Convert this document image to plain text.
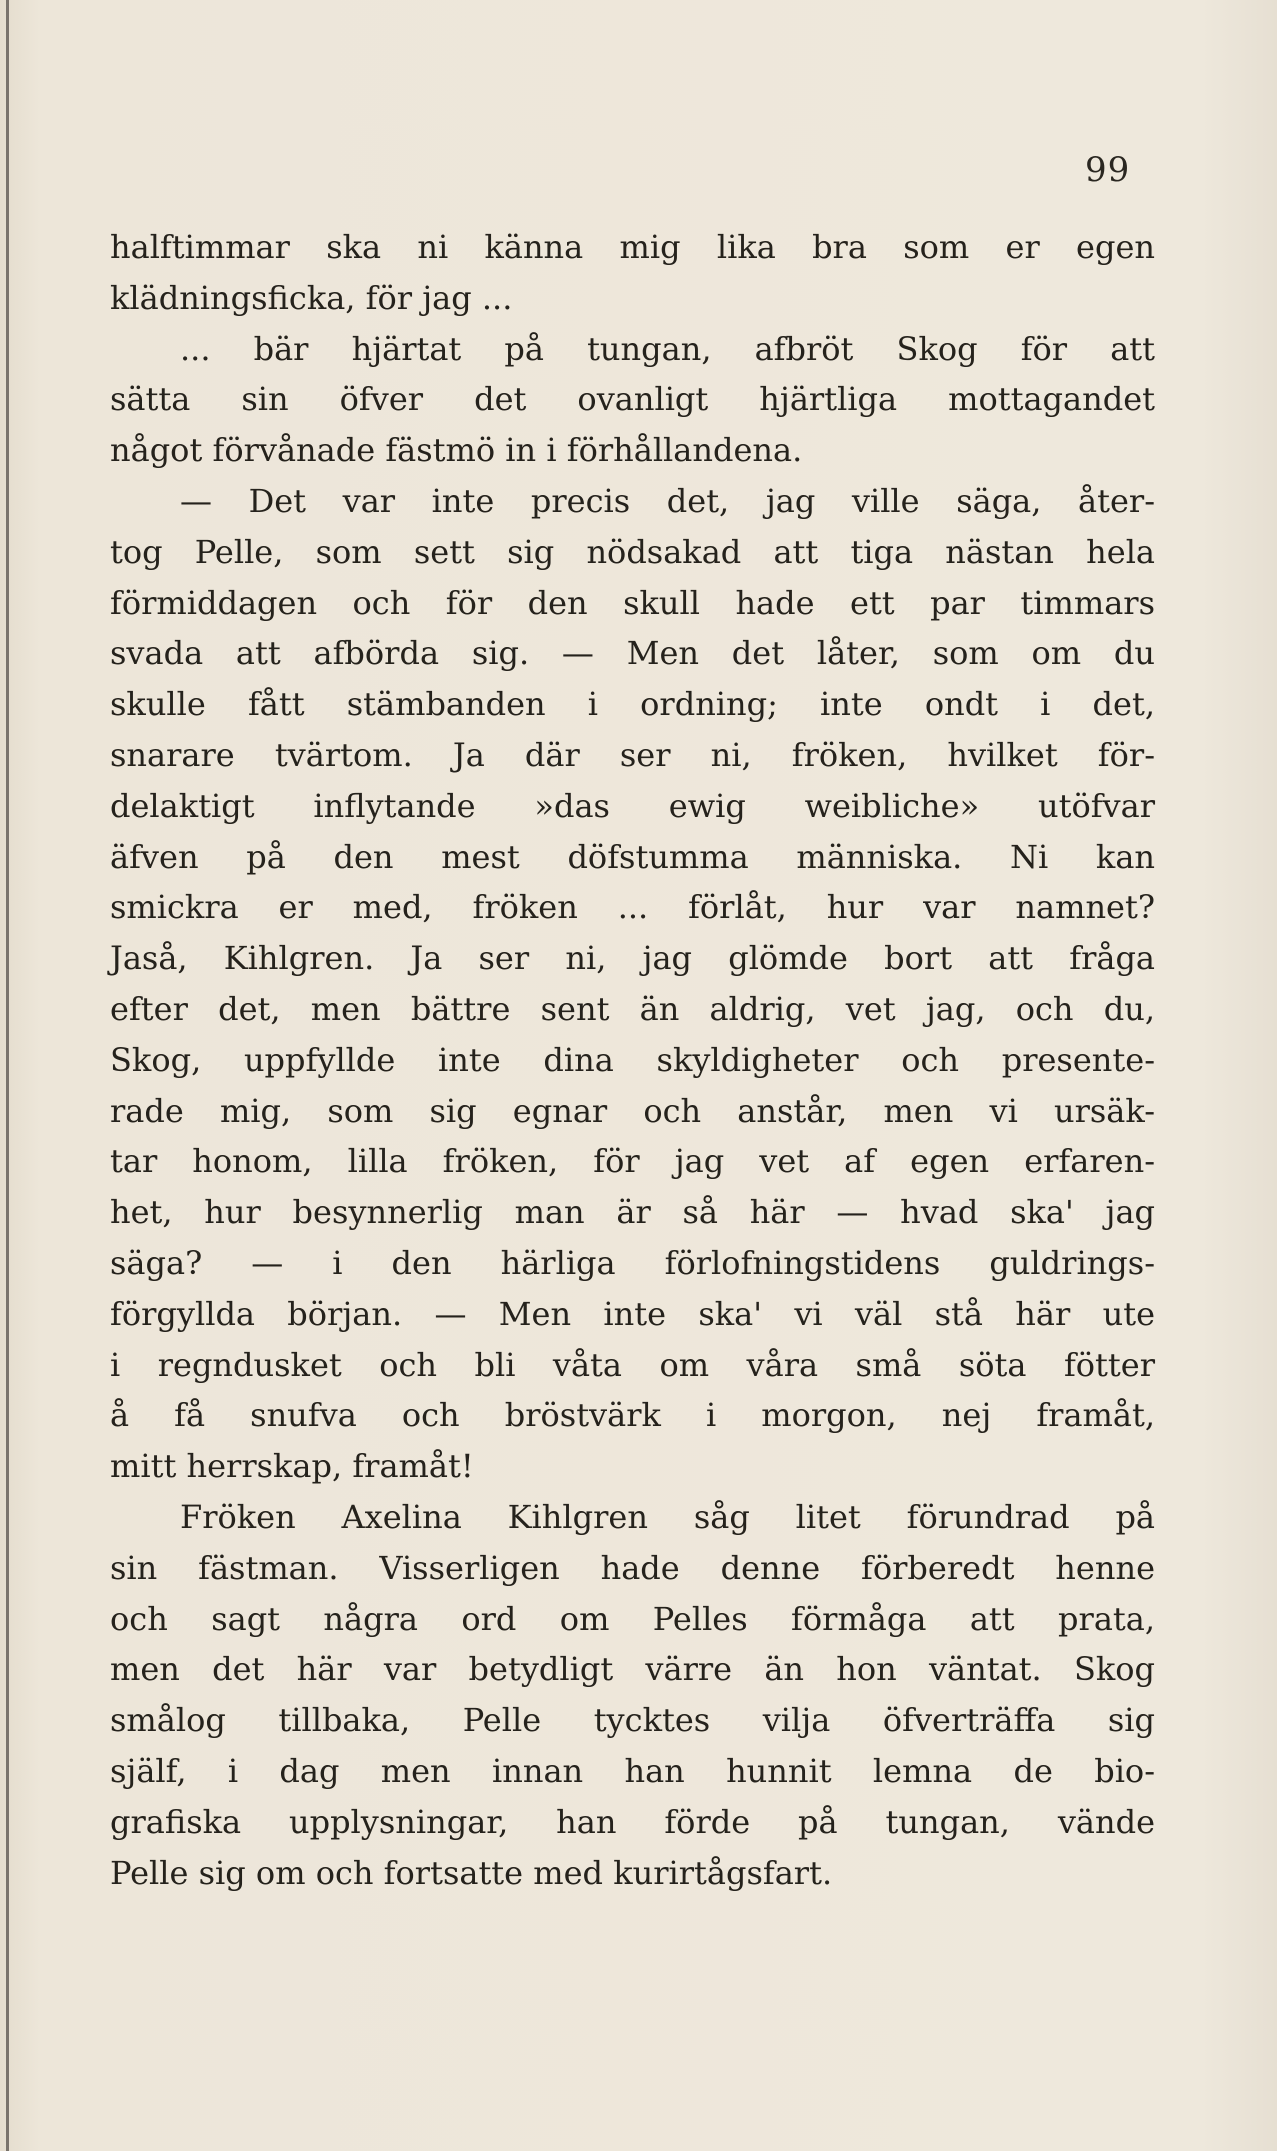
99
halftimmar ska ni känna mig lika bra som er egen
klädningsficka, för jag ...
... bär hjärtat på tungan, afbröt Skog för att
sätta sin öfver det ovanligt hjärtliga mottagandet
något förvånade fästmö in i förhållandena.
— Det var inte precis det, jag ville säga, åter-
tog Pelle, som sett sig nödsakad att tiga nästan hela
förmiddagen och för den skull hade ett par timmars
svada att afbörda sig. — Men det låter, som om du
skulle fått stämbanden i ordning; inte ondt i det,
snarare tvärtom. Ja där ser ni, fröken, hvilket för-
delaktigt inflytande »das ewig weibliche» utöfvar
äfven på den mest döfstumma människa. Ni kan
smickra er med, fröken ... förlåt, hur var namnet?
Jaså, Kihlgren. Ja ser ni, jag glömde bort att fråga
efter det, men bättre sent än aldrig, vet jag, och du,
Skog, uppfyllde inte dina skyldigheter och presente-
rade mig, som sig egnar och anstår, men vi ursäk-
tar honom, lilla fröken, för jag vet af egen erfaren-
het, hur besynnerlig man är så här — hvad ska' jag
säga? — i den härliga förlofningstidens guldrings-
förgyllda början. — Men inte ska' vi väl stå här ute
i regndusket och bli våta om våra små söta fötter
å få snufva och bröstvärk i morgon, nej framåt,
mitt herrskap, framåt!
Fröken Axelina Kihlgren såg litet förundrad på
sin fästman. Visserligen hade denne förberedt henne
och sagt några ord om Pelles förmåga att prata,
men det här var betydligt värre än hon väntat. Skog
smålog tillbaka, Pelle tycktes vilja öfverträffa sig
själf, i dag men innan han hunnit lemna de bio-
grafiska upplysningar, han förde på tungan, vände
Pelle sig om och fortsatte med kurirtågsfart.
